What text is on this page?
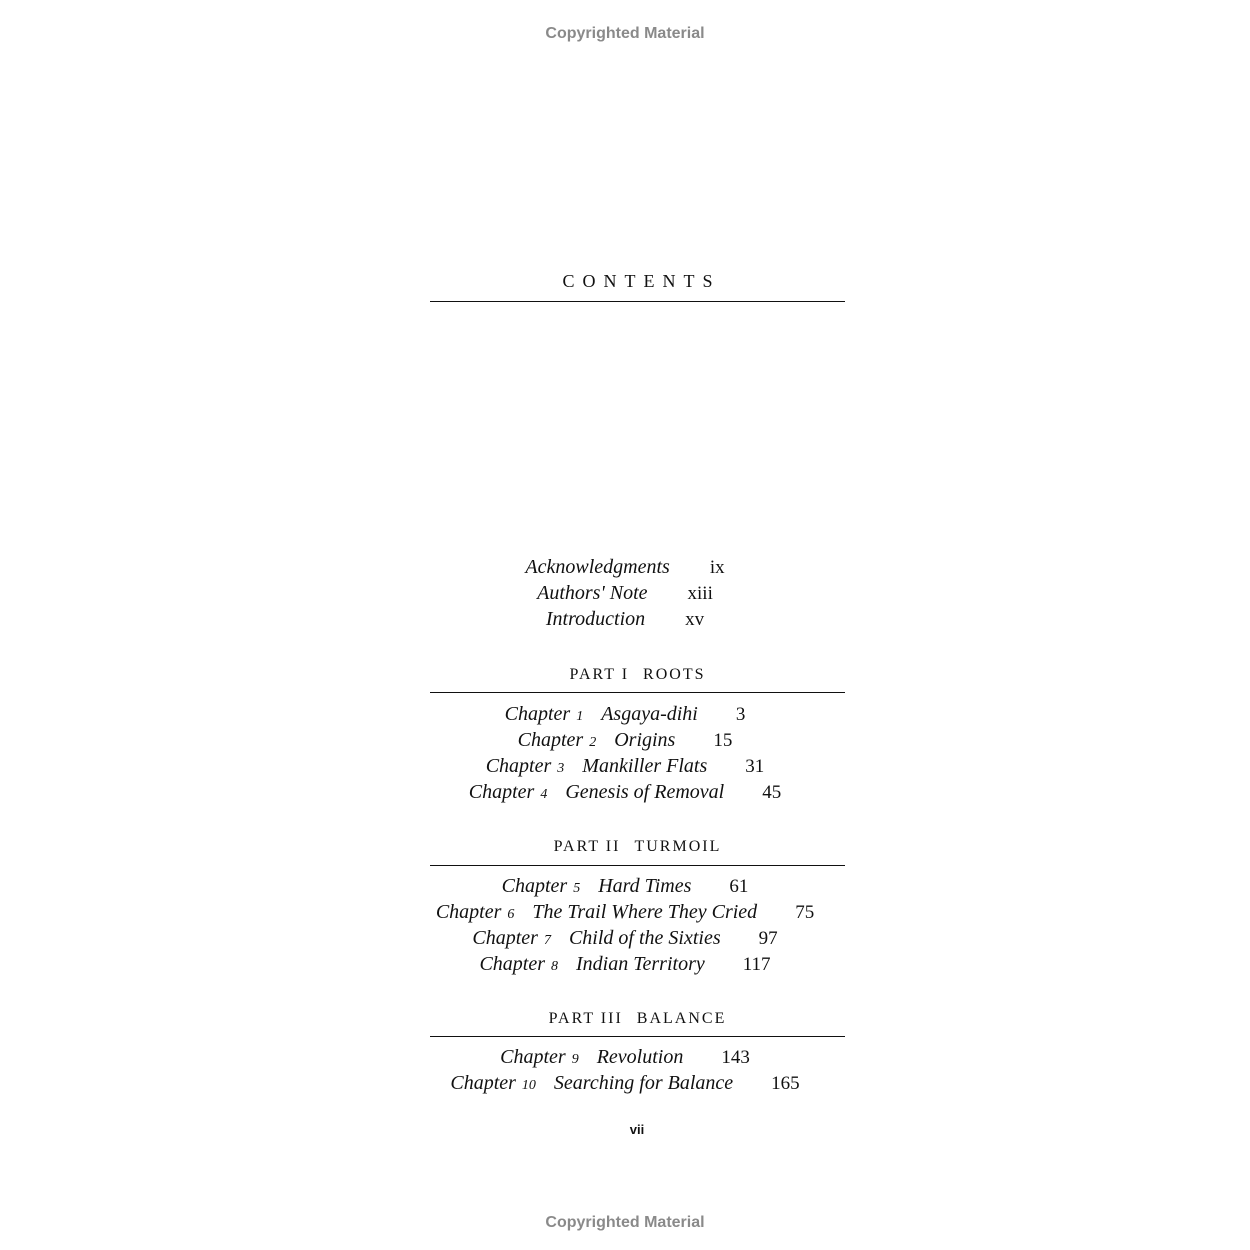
Copyrighted Material
CONTENTS
Acknowledgments ix
Authors' Note xiii
Introduction xv
PART I ROOTS
Chapter 1 Asgaya-dihi 3
Chapter 2 Origins 15
Chapter 3 Mankiller Flats 31
Chapter 4 Genesis of Removal 45
PART II TURMOIL
Chapter 5 Hard Times 61
Chapter 6 The Trail Where They Cried 75
Chapter 7 Child of the Sixties 97
Chapter 8 Indian Territory 117
PART III BALANCE
Chapter 9 Revolution 143
Chapter 10 Searching for Balance 165
vii
Copyrighted Material
